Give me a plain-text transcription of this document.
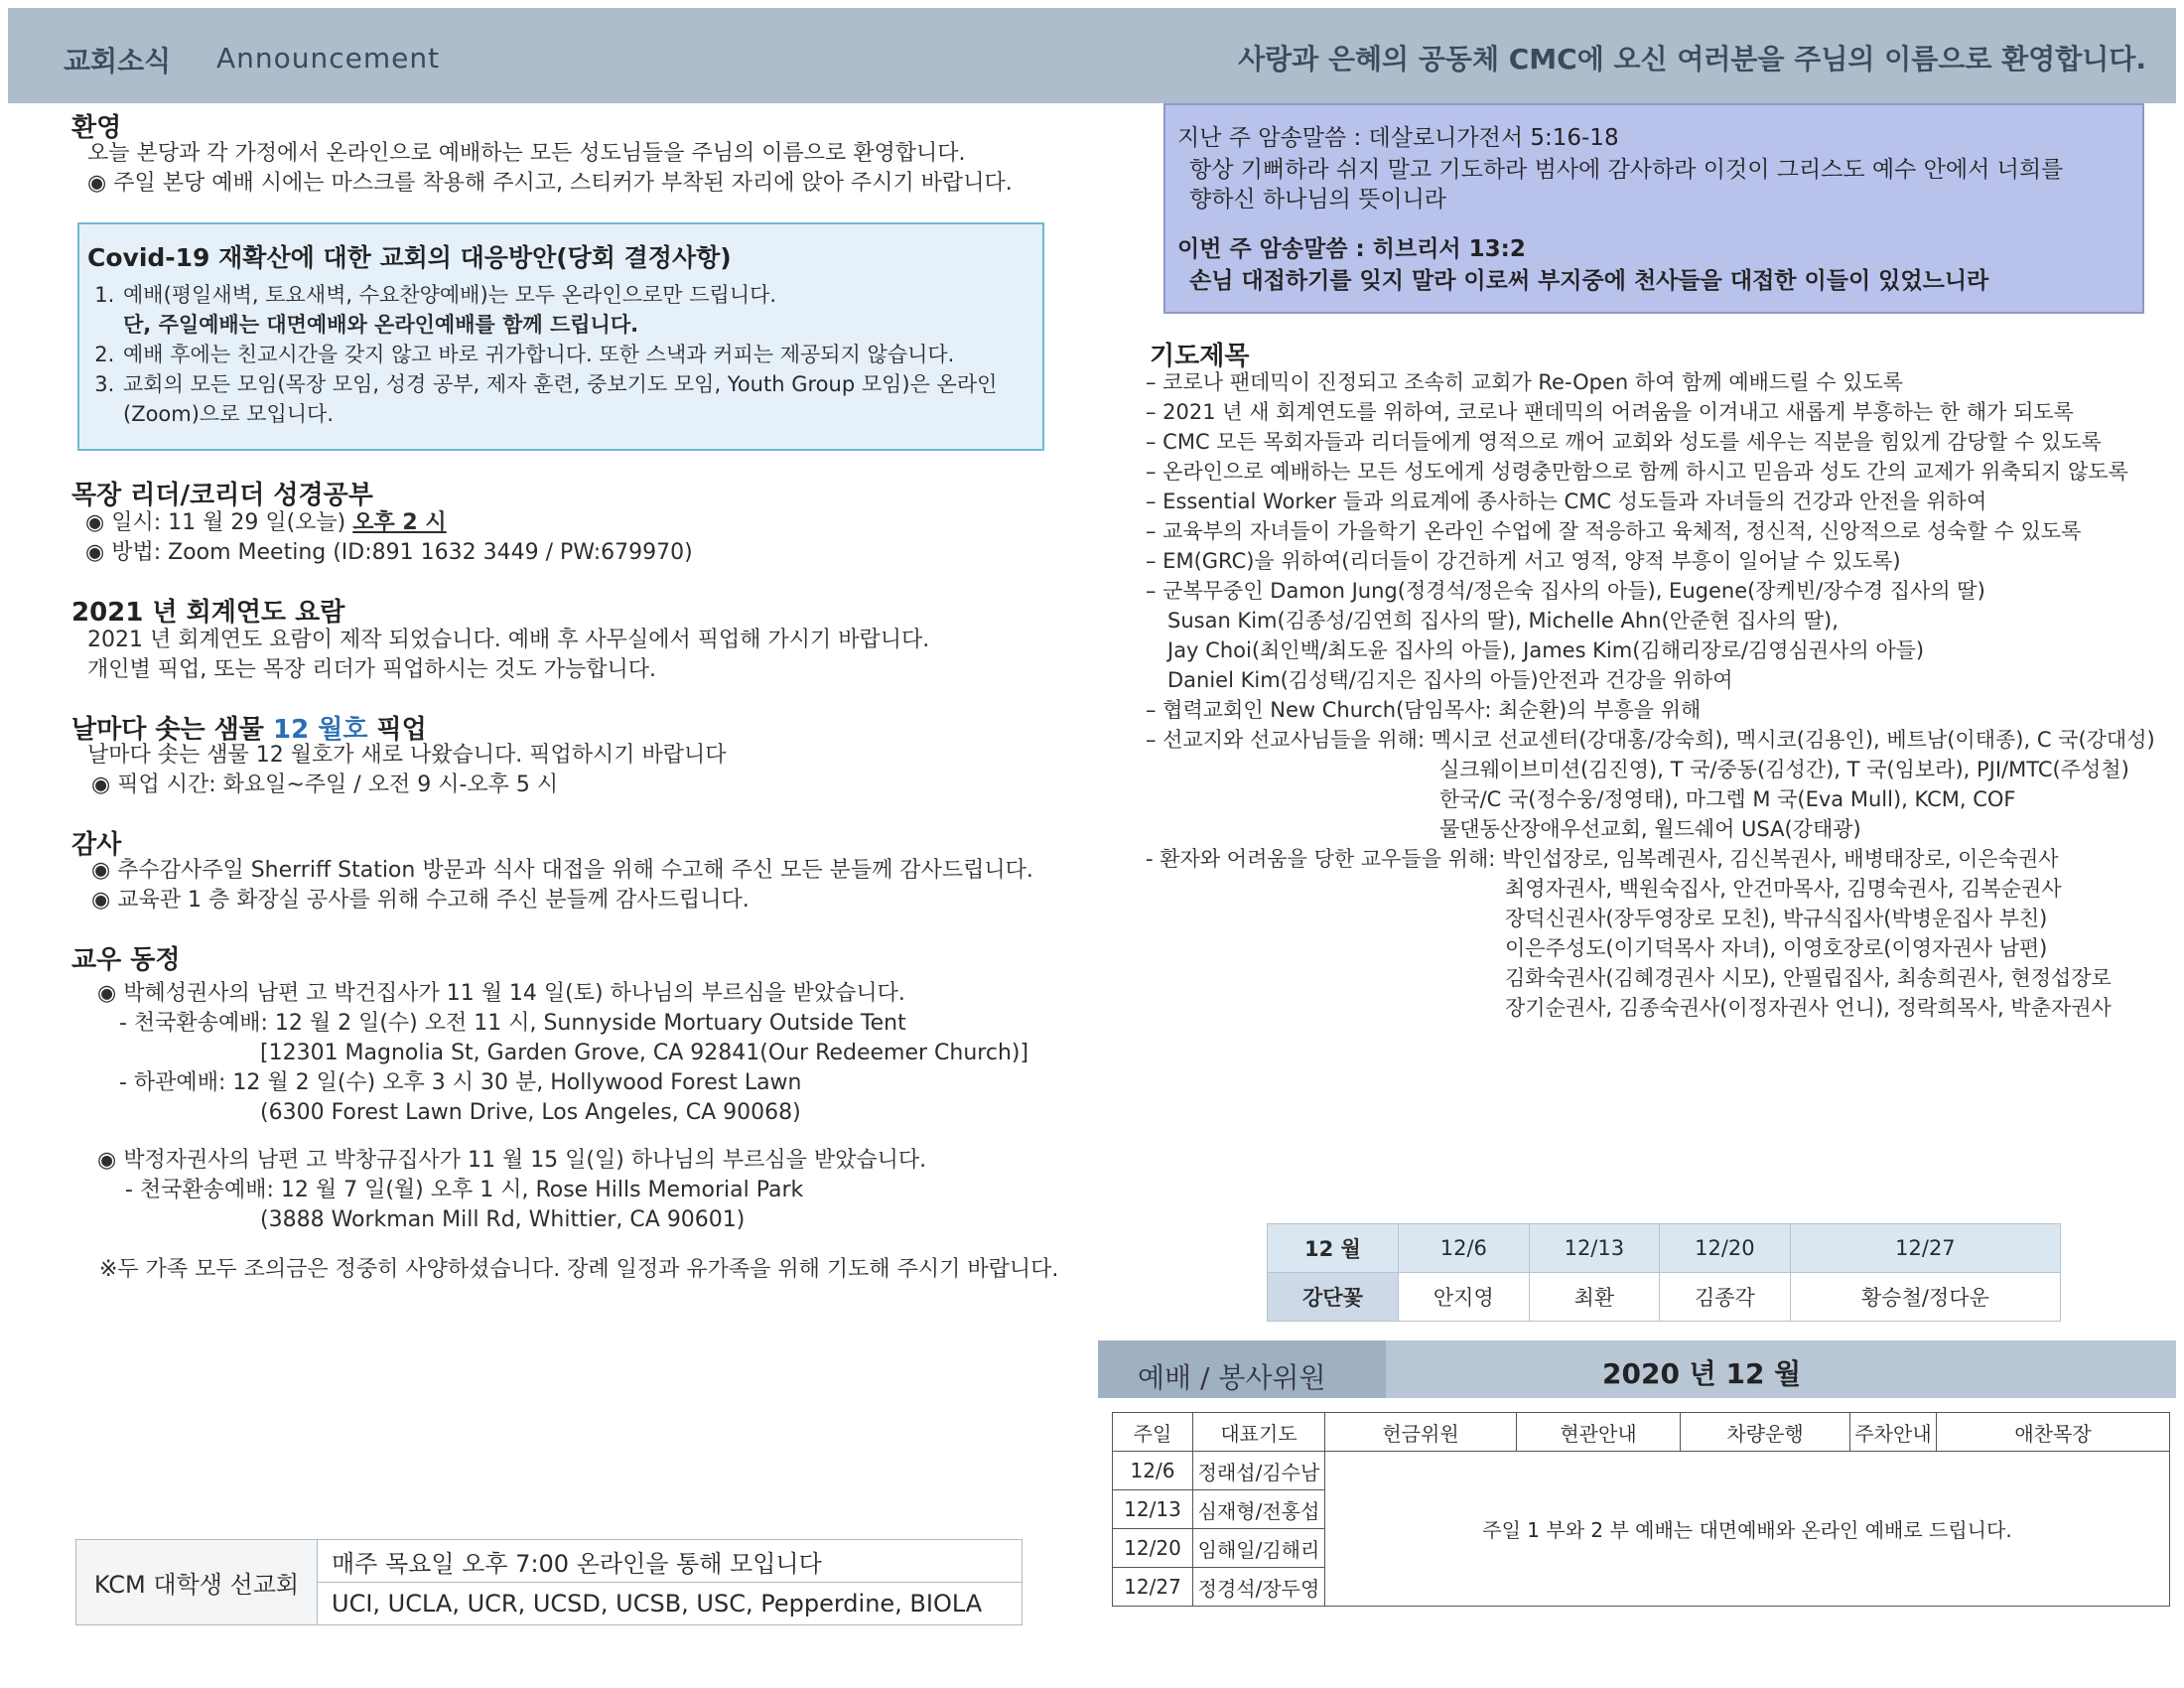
교회소식 Announcement	사랑과 은혜의 공동체 CMC에 오신 여러분을 주님의 이름으로 환영합니다.
환영
오늘 본당과 각 가정에서 온라인으로 예배하는 모든 성도님들을 주님의 이름으로 환영합니다.
◉ 주일 본당 예배 시에는 마스크를 착용해 주시고, 스티커가 부착된 자리에 앉아 주시기 바랍니다.
Covid-19 재확산에 대한 교회의 대응방안(당회 결정사항)
1. 예배(평일새벽, 토요새벽, 수요찬양예배)는 모두 온라인으로만 드립니다.
단, 주일예배는 대면예배와 온라인예배를 함께 드립니다.
2. 예배 후에는 친교시간을 갖지 않고 바로 귀가합니다. 또한 스낵과 커피는 제공되지 않습니다.
3. 교회의 모든 모임(목장 모임, 성경 공부, 제자 훈련, 중보기도 모임, Youth Group 모임)은 온라인
(Zoom)으로 모입니다.
목장 리더/코리더 성경공부
◉ 일시: 11 월 29 일(오늘) 오후 2 시
◉ 방법: Zoom Meeting (ID:891 1632 3449 / PW:679970)
2021 년 회계연도 요람
2021 년 회계연도 요람이 제작 되었습니다. 예배 후 사무실에서 픽업해 가시기 바랍니다.
개인별 픽업, 또는 목장 리더가 픽업하시는 것도 가능합니다.
날마다 솟는 샘물 12 월호 픽업
날마다 솟는 샘물 12 월호가 새로 나왔습니다. 픽업하시기 바랍니다
◉ 픽업 시간: 화요일~주일 / 오전 9 시-오후 5 시
감사
◉ 추수감사주일 Sherriff Station 방문과 식사 대접을 위해 수고해 주신 모든 분들께 감사드립니다.
◉ 교육관 1 층 화장실 공사를 위해 수고해 주신 분들께 감사드립니다.
교우 동정
◉ 박혜성권사의 남편 고 박건집사가 11 월 14 일(토) 하나님의 부르심을 받았습니다.
- 천국환송예배: 12 월 2 일(수) 오전 11 시, Sunnyside Mortuary Outside Tent
[12301 Magnolia St, Garden Grove, CA 92841(Our Redeemer Church)]
- 하관예배: 12 월 2 일(수) 오후 3 시 30 분, Hollywood Forest Lawn
(6300 Forest Lawn Drive, Los Angeles, CA 90068)
◉ 박정자권사의 남편 고 박창규집사가 11 월 15 일(일) 하나님의 부르심을 받았습니다.
- 천국환송예배: 12 월 7 일(월) 오후 1 시, Rose Hills Memorial Park
(3888 Workman Mill Rd, Whittier, CA 90601)
※두 가족 모두 조의금은 정중히 사양하셨습니다. 장례 일정과 유가족을 위해 기도해 주시기 바랍니다.
KCM 대학생 선교회	매주 목요일 오후 7:00 온라인을 통해 모입니다
UCI, UCLA, UCR, UCSD, UCSB, USC, Pepperdine, BIOLA
지난 주 암송말씀 : 데살로니가전서 5:16-18
항상 기뻐하라 쉬지 말고 기도하라 범사에 감사하라 이것이 그리스도 예수 안에서 너희를
향하신 하나님의 뜻이니라
이번 주 암송말씀 : 히브리서 13:2
손님 대접하기를 잊지 말라 이로써 부지중에 천사들을 대접한 이들이 있었느니라
기도제목
– 코로나 팬데믹이 진정되고 조속히 교회가 Re-Open 하여 함께 예배드릴 수 있도록
– 2021 년 새 회계연도를 위하여, 코로나 팬데믹의 어려움을 이겨내고 새롭게 부흥하는 한 해가 되도록
– CMC 모든 목회자들과 리더들에게 영적으로 깨어 교회와 성도를 세우는 직분을 힘있게 감당할 수 있도록
– 온라인으로 예배하는 모든 성도에게 성령충만함으로 함께 하시고 믿음과 성도 간의 교제가 위축되지 않도록
– Essential Worker 들과 의료계에 종사하는 CMC 성도들과 자녀들의 건강과 안전을 위하여
– 교육부의 자녀들이 가을학기 온라인 수업에 잘 적응하고 육체적, 정신적, 신앙적으로 성숙할 수 있도록
– EM(GRC)을 위하여(리더들이 강건하게 서고 영적, 양적 부흥이 일어날 수 있도록)
– 군복무중인 Damon Jung(정경석/정은숙 집사의 아들), Eugene(장케빈/장수경 집사의 딸)
Susan Kim(김종성/김연희 집사의 딸), Michelle Ahn(안준현 집사의 딸),
Jay Choi(최인백/최도윤 집사의 아들), James Kim(김해리장로/김영심권사의 아들)
Daniel Kim(김성택/김지은 집사의 아들)안전과 건강을 위하여
– 협력교회인 New Church(담임목사: 최순환)의 부흥을 위해
– 선교지와 선교사님들을 위해: 멕시코 선교센터(강대홍/강숙희), 멕시코(김용인), 베트남(이태종), C 국(강대성)
실크웨이브미션(김진영), T 국/중동(김성간), T 국(임보라), PJI/MTC(주성철)
한국/C 국(정수웅/정영태), 마그렙 M 국(Eva Mull), KCM, COF
물댄동산장애우선교회, 월드쉐어 USA(강태광)
- 환자와 어려움을 당한 교우들을 위해: 박인섭장로, 임복례권사, 김신복권사, 배병태장로, 이은숙권사
최영자권사, 백원숙집사, 안건마목사, 김명숙권사, 김복순권사
장덕신권사(장두영장로 모친), 박규식집사(박병운집사 부친)
이은주성도(이기덕목사 자녀), 이영호장로(이영자권사 남편)
김화숙권사(김혜경권사 시모), 안필립집사, 최송희권사, 현정섭장로
장기순권사, 김종숙권사(이정자권사 언니), 정락희목사, 박춘자권사
12 월	12/6	12/13	12/20	12/27
강단꽃	안지영	최환	김종각	황승철/정다운
예배 / 봉사위원	2020 년 12 월
주일	대표기도	헌금위원	현관안내	차량운행	주차안내	애찬목장
12/6	정래섭/김수남	주일 1 부와 2 부 예배는 대면예배와 온라인 예배로 드립니다.				
12/13	심재형/전홍섭					
12/20	임해일/김해리					
12/27	정경석/장두영					
